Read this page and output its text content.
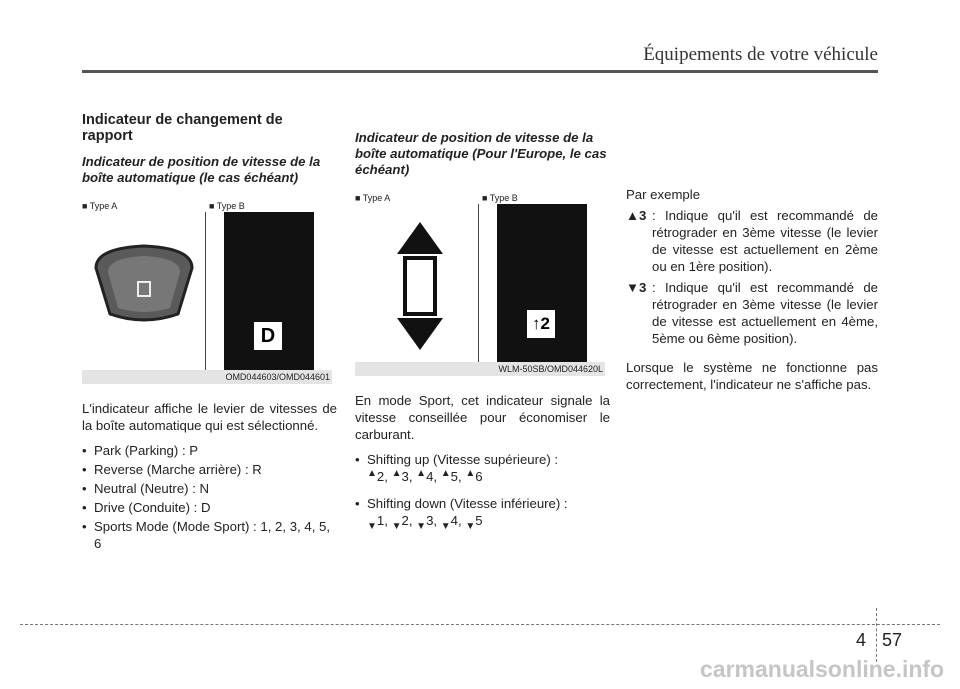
Équipements de votre véhicule
Indicateur de changement de rapport
Indicateur de position de vitesse de la boîte automatique (le cas échéant)
■ Type A	■ Type B
D
OMD044603/OMD044601

L'indicateur affiche le levier de vitesses de la boîte automatique qui est sélectionné.

• Park (Parking) : P
• Reverse (Marche arrière) : R
• Neutral (Neutre) : N
• Drive (Conduite) : D
• Sports Mode (Mode Sport) : 1, 2, 3, 4, 5, 6
Indicateur de position de vitesse de la boîte automatique (Pour l'Europe, le cas échéant)
■ Type A	■ Type B
↑2
WLM-50SB/OMD044620L

En mode Sport, cet indicateur signale la vitesse conseillée pour économiser le carburant.

• Shifting up (Vitesse supérieure) :
▲2, ▲3, ▲4, ▲5, ▲6
• Shifting down (Vitesse inférieure) :
$_▼$1, $_▼$2, $_▼$3, $_▼$4, $_▼$5
Par exemple
▲3 : Indique qu'il est recommandé de rétrograder en 3ème vitesse (le levier de vitesse est actuellement en 2ème ou en 1ère position).
▼3 : Indique qu'il est recommandé de rétrograder en 3ème vitesse (le levier de vitesse est actuellement en 4ème, 5ème ou 6ème position).

Lorsque le système ne fonctionne pas correctement, l'indicateur ne s'affiche pas.

4 57
carmanualsonline.info
